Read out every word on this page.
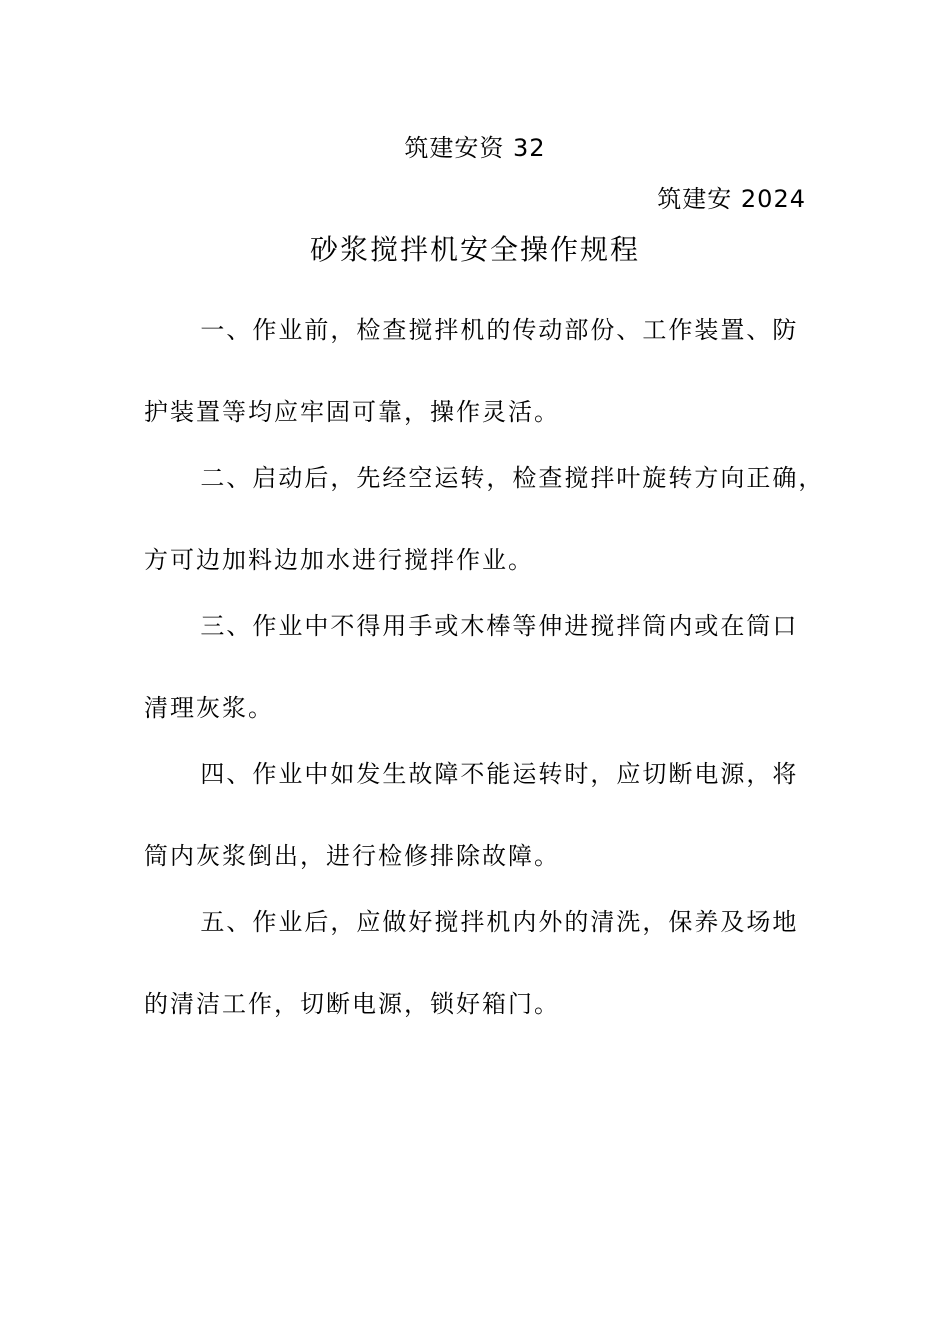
筑建安资 32
筑建安 2024
砂浆搅拌机安全操作规程

一、作业前，检查搅拌机的传动部份、工作装置、防
护装置等均应牢固可靠，操作灵活。

二、启动后，先经空运转，检查搅拌叶旋转方向正确，
方可边加料边加水进行搅拌作业。

三、作业中不得用手或木棒等伸进搅拌筒内或在筒口
清理灰浆。

四、作业中如发生故障不能运转时，应切断电源，将
筒内灰浆倒出，进行检修排除故障。

五、作业后，应做好搅拌机内外的清洗，保养及场地
的清洁工作，切断电源，锁好箱门。
